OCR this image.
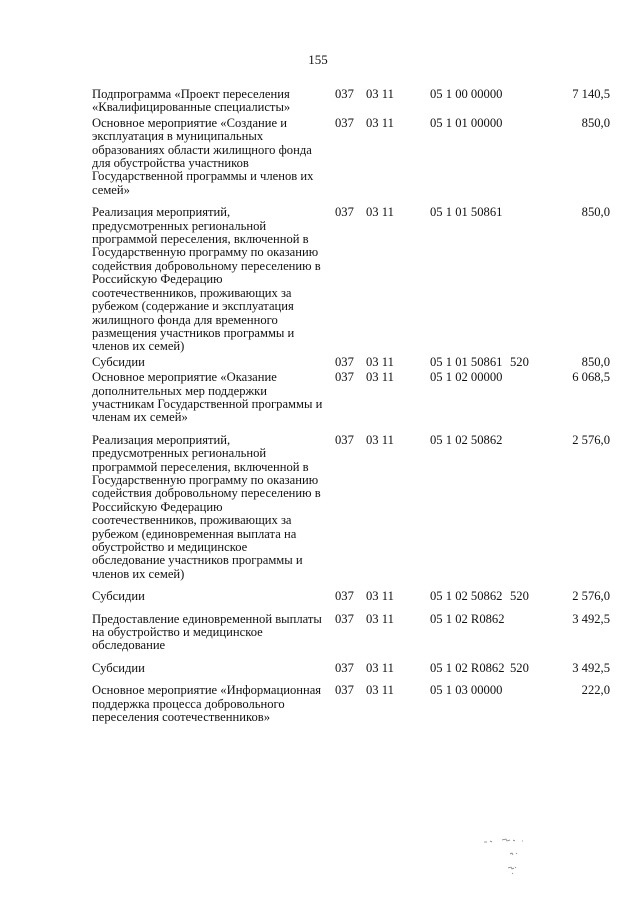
155
Подпрограмма «Проект переселения «Квалифицированные специалисты»	037	03 11	05 1 00 00000		7 140,5
Основное мероприятие «Создание и эксплуатация в муниципальных образованиях области жилищного фонда для обустройства участников Государственной программы и членов их семей»	037	03 11	05 1 01 00000		850,0
Реализация мероприятий, предусмотренных региональной программой переселения, включенной в Государственную программу по оказанию содействия добровольному переселению в Российскую Федерацию соотечественников, проживающих за рубежом (содержание и эксплуатация жилищного фонда для временного размещения участников программы и членов их семей)	037	03 11	05 1 01 50861		850,0
Субсидии	037	03 11	05 1 01 50861	520	850,0
Основное мероприятие «Оказание дополнительных мер поддержки участникам Государственной программы и членам их семей»	037	03 11	05 1 02 00000		6 068,5
Реализация мероприятий, предусмотренных региональной программой переселения, включенной в Государственную программу по оказанию содействия добровольному переселению в Российскую Федерацию соотечественников, проживающих за рубежом (единовременная выплата на обустройство и медицинское обследование участников программы и членов их семей)	037	03 11	05 1 02 50862		2 576,0
Субсидии	037	03 11	05 1 02 50862	520	2 576,0
Предоставление единовременной выплаты на обустройство и медицинское обследование	037	03 11	05 1 02 R0862		3 492,5
Субсидии	037	03 11	05 1 02 R0862	520	3 492,5
Основное мероприятие «Информационная поддержка процесса добровольного переселения соотечественников»	037	03 11	05 1 03 00000		222,0
